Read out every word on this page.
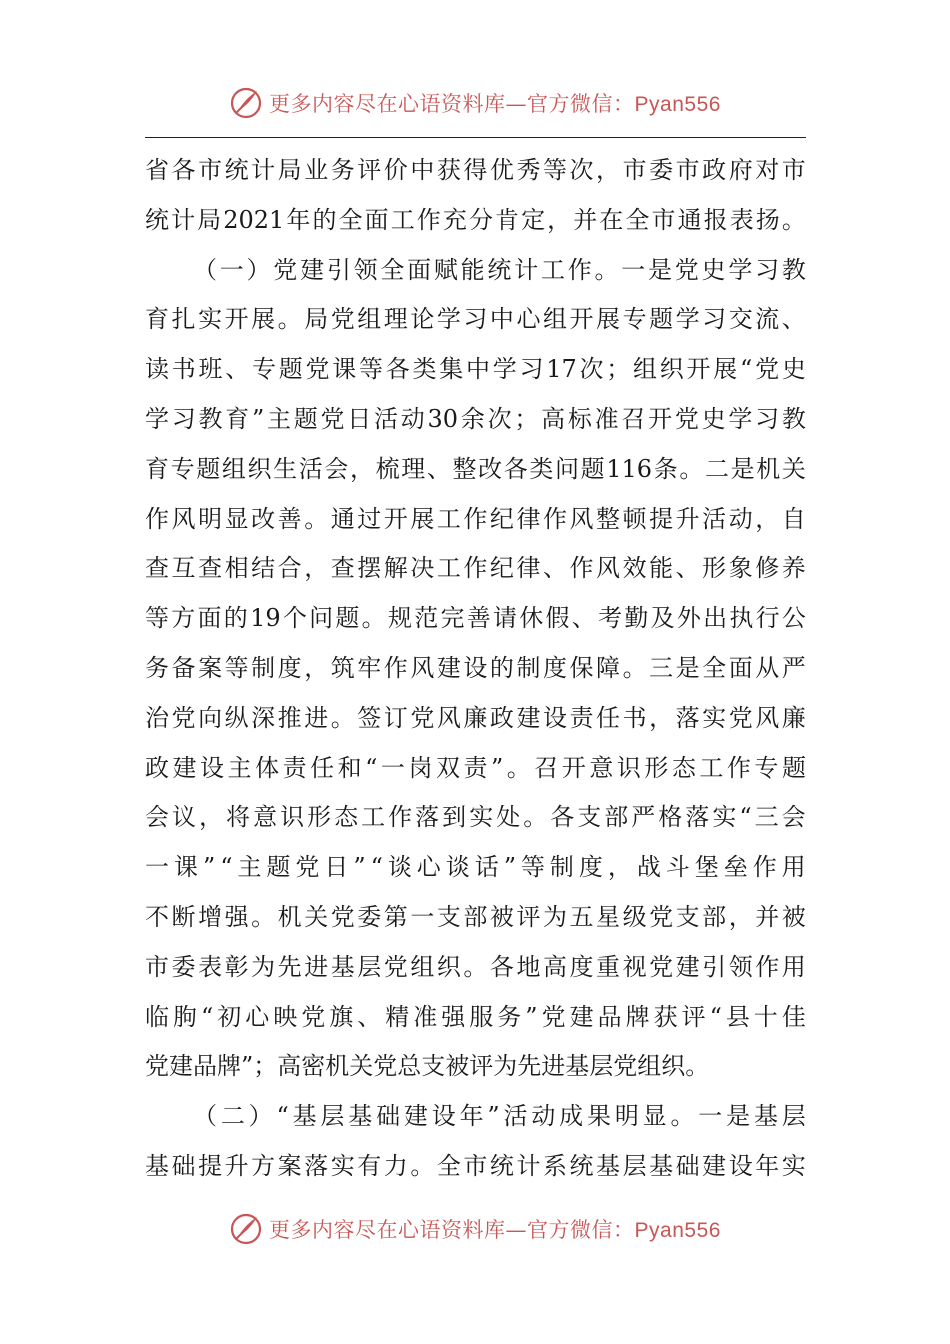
更多内容尽在心语资料库—官方微信：Pyan556
省 各 市 统 计 局 业 务 评 价 中 获 得 优 秀 等 次 ， 市 委 市 政 府 对 市
统 计 局 2021 年 的 全 面 工 作 充 分 肯 定 ， 并 在 全 市 通 报 表 扬 。
（ 一 ） 党 建 引 领 全 面 赋 能 统 计 工 作 。 一 是 党 史 学 习 教
育 扎 实 开 展 。 局 党 组 理 论 学 习 中 心 组 开 展 专 题 学 习 交 流 、
读 书 班 、 专 题 党 课 等 各 类 集 中 学 习 17 次 ； 组 织 开 展 “ 党 史
学 习 教 育 ” 主 题 党 日 活 动 30 余 次 ； 高 标 准 召 开 党 史 学 习 教
育 专 题 组 织 生 活 会 ， 梳 理 、 整 改 各 类 问 题 116 条 。 二 是 机 关
作 风 明 显 改 善 。 通 过 开 展 工 作 纪 律 作 风 整 顿 提 升 活 动 ， 自
查 互 查 相 结 合 ， 查 摆 解 决 工 作 纪 律 、 作 风 效 能 、 形 象 修 养
等 方 面 的 19 个 问 题 。 规 范 完 善 请 休 假 、 考 勤 及 外 出 执 行 公
务 备 案 等 制 度 ， 筑 牢 作 风 建 设 的 制 度 保 障 。 三 是 全 面 从 严
治 党 向 纵 深 推 进 。 签 订 党 风 廉 政 建 设 责 任 书 ， 落 实 党 风 廉
政 建 设 主 体 责 任 和 “ 一 岗 双 责 ” 。 召 开 意 识 形 态 工 作 专 题
会 议 ， 将 意 识 形 态 工 作 落 到 实 处 。 各 支 部 严 格 落 实 “ 三 会
一 课 ” “ 主 题 党 日 ” “ 谈 心 谈 话 ” 等 制 度 ， 战 斗 堡 垒 作 用
不 断 增 强 。 机 关 党 委 第 一 支 部 被 评 为 五 星 级 党 支 部 ， 并 被
市 委 表 彰 为 先 进 基 层 党 组 织 。 各 地 高 度 重 视 党 建 引 领 作 用
临 朐 “ 初 心 映 党 旗 、 精 准 强 服 务 ” 党 建 品 牌 获 评 “ 县 十 佳
党 建 品 牌 ” ； 高 密 机 关 党 总 支 被 评 为 先 进 基 层 党 组 织 。
（ 二 ） “ 基 层 基 础 建 设 年 ” 活 动 成 果 明 显 。 一 是 基 层
基 础 提 升 方 案 落 实 有 力 。 全 市 统 计 系 统 基 层 基 础 建 设 年 实
更多内容尽在心语资料库—官方微信：Pyan556
